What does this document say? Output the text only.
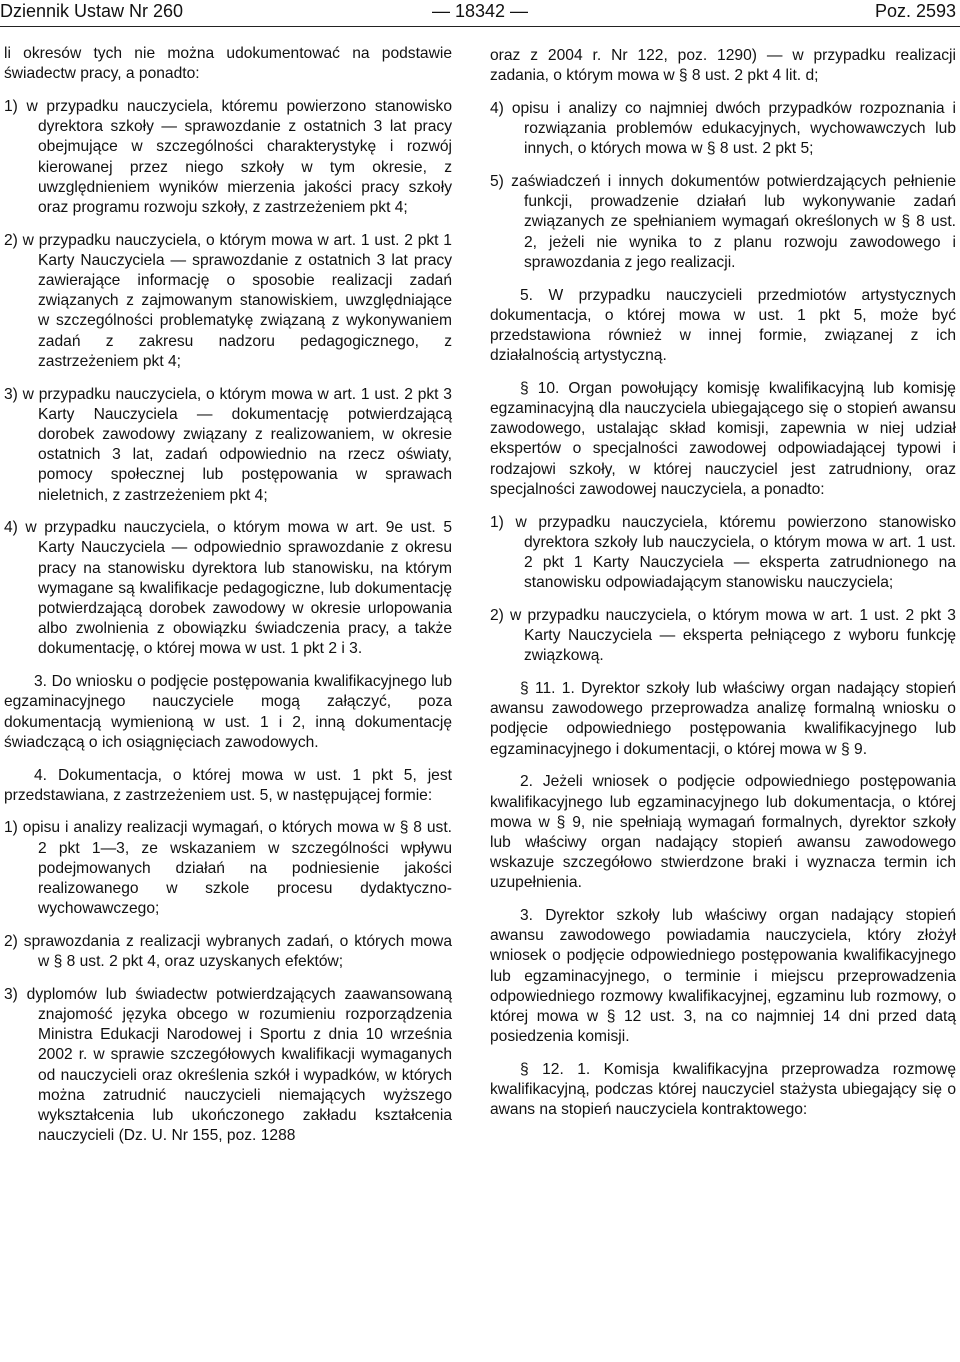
Dziennik Ustaw Nr 260	— 18342 —	Poz. 2593

li okresów tych nie można udokumentować na podstawie świadectw pracy, a ponadto:

1) w przypadku nauczyciela, któremu powierzono stanowisko dyrektora szkoły — sprawozdanie z ostatnich 3 lat pracy obejmujące w szczególności charakterystykę i rozwój kierowanej przez niego szkoły w tym okresie, z uwzględnieniem wyników mierzenia jakości pracy szkoły oraz programu rozwoju szkoły, z zastrzeżeniem pkt 4;

2) w przypadku nauczyciela, o którym mowa w art. 1 ust. 2 pkt 1 Karty Nauczyciela — sprawozdanie z ostatnich 3 lat pracy zawierające informację o sposobie realizacji zadań związanych z zajmowanym stanowiskiem, uwzględniające w szczególności problematykę związaną z wykonywaniem zadań z zakresu nadzoru pedagogicznego, z zastrzeżeniem pkt 4;

3) w przypadku nauczyciela, o którym mowa w art. 1 ust. 2 pkt 3 Karty Nauczyciela — dokumentację potwierdzającą dorobek zawodowy związany z realizowaniem, w okresie ostatnich 3 lat, zadań odpowiednio na rzecz oświaty, pomocy społecznej lub postępowania w sprawach nieletnich, z zastrzeżeniem pkt 4;

4) w przypadku nauczyciela, o którym mowa w art. 9e ust. 5 Karty Nauczyciela — odpowiednio sprawozdanie z okresu pracy na stanowisku dyrektora lub stanowisku, na którym wymagane są kwalifikacje pedagogiczne, lub dokumentację potwierdzającą dorobek zawodowy w okresie urlopowania albo zwolnienia z obowiązku świadczenia pracy, a także dokumentację, o której mowa w ust. 1 pkt 2 i 3.

3. Do wniosku o podjęcie postępowania kwalifikacyjnego lub egzaminacyjnego nauczyciele mogą załączyć, poza dokumentacją wymienioną w ust. 1 i 2, inną dokumentację świadczącą o ich osiągnięciach zawodowych.

4. Dokumentacja, o której mowa w ust. 1 pkt 5, jest przedstawiana, z zastrzeżeniem ust. 5, w następującej formie:

1) opisu i analizy realizacji wymagań, o których mowa w § 8 ust. 2 pkt 1—3, ze wskazaniem w szczególności wpływu podejmowanych działań na podniesienie jakości realizowanego w szkole procesu dydaktyczno-wychowawczego;

2) sprawozdania z realizacji wybranych zadań, o których mowa w § 8 ust. 2 pkt 4, oraz uzyskanych efektów;

3) dyplomów lub świadectw potwierdzających zaawansowaną znajomość języka obcego w rozumieniu rozporządzenia Ministra Edukacji Narodowej i Sportu z dnia 10 września 2002 r. w sprawie szczegółowych kwalifikacji wymaganych od nauczycieli oraz określenia szkół i wypadków, w których można zatrudnić nauczycieli niemających wyższego wykształcenia lub ukończonego zakładu kształcenia nauczycieli (Dz. U. Nr 155, poz. 1288

oraz z 2004 r. Nr 122, poz. 1290) — w przypadku realizacji zadania, o którym mowa w § 8 ust. 2 pkt 4 lit. d;

4) opisu i analizy co najmniej dwóch przypadków rozpoznania i rozwiązania problemów edukacyjnych, wychowawczych lub innych, o których mowa w § 8 ust. 2 pkt 5;

5) zaświadczeń i innych dokumentów potwierdzających pełnienie funkcji, prowadzenie działań lub wykonywanie zadań związanych ze spełnianiem wymagań określonych w § 8 ust. 2, jeżeli nie wynika to z planu rozwoju zawodowego i sprawozdania z jego realizacji.

5. W przypadku nauczycieli przedmiotów artystycznych dokumentacja, o której mowa w ust. 1 pkt 5, może być przedstawiona również w innej formie, związanej z ich działalnością artystyczną.

§ 10. Organ powołujący komisję kwalifikacyjną lub komisję egzaminacyjną dla nauczyciela ubiegającego się o stopień awansu zawodowego, ustalając skład komisji, zapewnia w niej udział ekspertów o specjalności zawodowej odpowiadającej typowi i rodzajowi szkoły, w której nauczyciel jest zatrudniony, oraz specjalności zawodowej nauczyciela, a ponadto:

1) w przypadku nauczyciela, któremu powierzono stanowisko dyrektora szkoły lub nauczyciela, o którym mowa w art. 1 ust. 2 pkt 1 Karty Nauczyciela — eksperta zatrudnionego na stanowisku odpowiadającym stanowisku nauczyciela;

2) w przypadku nauczyciela, o którym mowa w art. 1 ust. 2 pkt 3 Karty Nauczyciela — eksperta pełniącego z wyboru funkcję związkową.

§ 11. 1. Dyrektor szkoły lub właściwy organ nadający stopień awansu zawodowego przeprowadza analizę formalną wniosku o podjęcie odpowiedniego postępowania kwalifikacyjnego lub egzaminacyjnego i dokumentacji, o której mowa w § 9.

2. Jeżeli wniosek o podjęcie odpowiedniego postępowania kwalifikacyjnego lub egzaminacyjnego lub dokumentacja, o której mowa w § 9, nie spełniają wymagań formalnych, dyrektor szkoły lub właściwy organ nadający stopień awansu zawodowego wskazuje szczegółowo stwierdzone braki i wyznacza termin ich uzupełnienia.

3. Dyrektor szkoły lub właściwy organ nadający stopień awansu zawodowego powiadamia nauczyciela, który złożył wniosek o podjęcie odpowiedniego postępowania kwalifikacyjnego lub egzaminacyjnego, o terminie i miejscu przeprowadzenia odpowiedniego rozmowy kwalifikacyjnej, egzaminu lub rozmowy, o której mowa w § 12 ust. 3, na co najmniej 14 dni przed datą posiedzenia komisji.

§ 12. 1. Komisja kwalifikacyjna przeprowadza rozmowę kwalifikacyjną, podczas której nauczyciel stażysta ubiegający się o awans na stopień nauczyciela kontraktowego:
